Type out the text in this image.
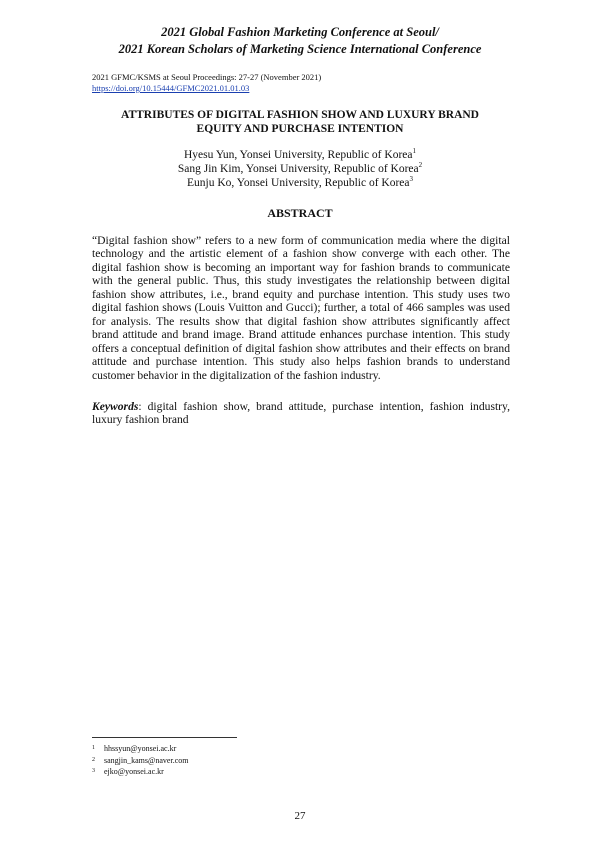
2021 Global Fashion Marketing Conference at Seoul/
2021 Korean Scholars of Marketing Science International Conference
2021 GFMC/KSMS at Seoul Proceedings: 27-27 (November 2021)
https://doi.org/10.15444/GFMC2021.01.01.03
ATTRIBUTES OF DIGITAL FASHION SHOW AND LUXURY BRAND
EQUITY AND PURCHASE INTENTION
Hyesu Yun, Yonsei University, Republic of Korea$^1$
Sang Jin Kim, Yonsei University, Republic of Korea$^2$
Eunju Ko, Yonsei University, Republic of Korea$^3$
ABSTRACT
“Digital fashion show” refers to a new form of communication media where the digital technology and the artistic element of a fashion show converge with each other. The digital fashion show is becoming an important way for fashion brands to communicate with the general public. Thus, this study investigates the relationship between digital fashion show attributes, i.e., brand equity and purchase intention. This study uses two digital fashion shows (Louis Vuitton and Gucci); further, a total of 466 samples was used for analysis. The results show that digital fashion show attributes significantly affect brand attitude and brand image. Brand attitude enhances purchase intention. This study offers a conceptual definition of digital fashion show attributes and their effects on brand attitude and purchase intention. This study also helps fashion brands to understand customer behavior in the digitalization of the fashion industry.
Keywords: digital fashion show, brand attitude, purchase intention, fashion industry, luxury fashion brand
1 hhssyun@yonsei.ac.kr
2 sangjin_kams@naver.com
3 ejko@yonsei.ac.kr
27
